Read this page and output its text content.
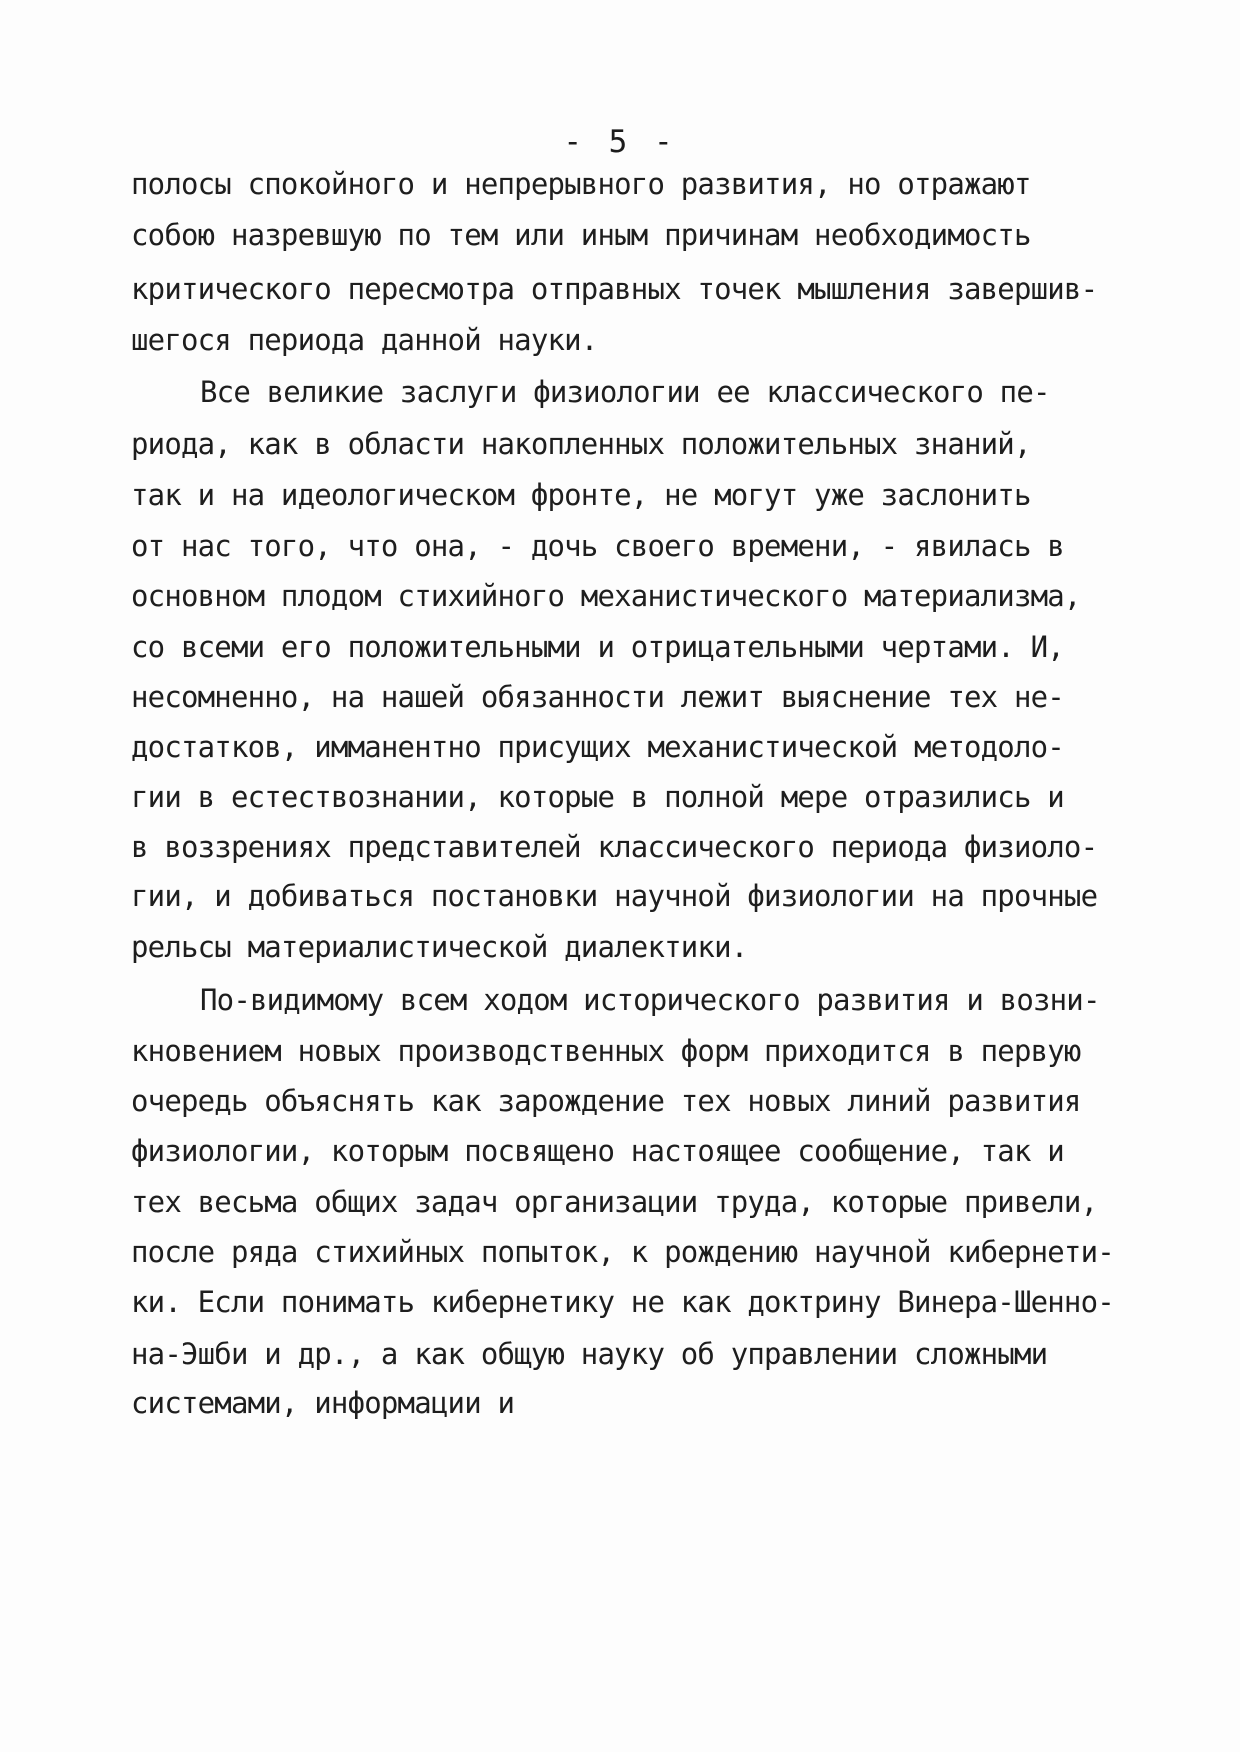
- 5 -

полосы спокойного и непрерывного развития, но отражают

собою назревшую по тем или иным причинам необходимость

критического пересмотра отправных точек мышления завершив-

шегося периода данной науки.

Все великие заслуги физиологии ее классического пе-

риода, как в области накопленных положительных знаний,

так и на идеологическом фронте, не могут уже заслонить

от нас того, что она, - дочь своего времени, - явилась в

основном плодом стихийного механистического материализма,

со всеми его положительными и отрицательными чертами. И,

несомненно, на нашей обязанности лежит выяснение тех не-

достатков, имманентно присущих механистической методоло-

гии в естествознании, которые в полной мере отразились и

в воззрениях представителей классического периода физиоло-

гии, и добиваться постановки научной физиологии на прочные

рельсы материалистической диалектики.

По-видимому всем ходом исторического развития и возни-

кновением новых производственных форм приходится в первую

очередь объяснять как зарождение тех новых линий развития

физиологии, которым посвящено настоящее сообщение, так и

тех весьма общих задач организации труда, которые привели,

после ряда стихийных попыток, к рождению научной кибернети-

ки. Если понимать кибернетику не как доктрину Винера-Шенно-

на-Эшби и др., а как общую науку об управлении сложными

системами, информации и
